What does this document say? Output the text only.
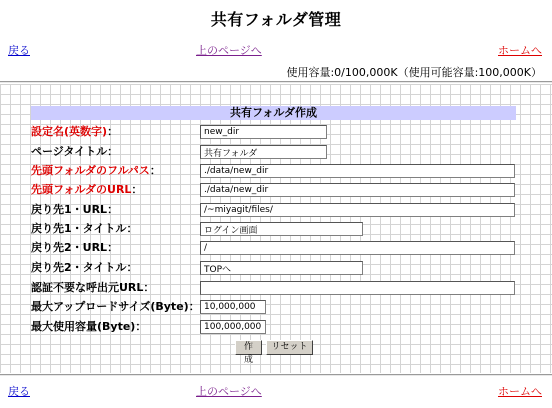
共有フォルダ管理
戻る	上のページへ	ホームへ
使用容量:0/100,000K（使用可能容量:100,000K）
共有フォルダ作成
設定名(英数字)：
new_dir
ページタイトル：
共有フォルダ
先頭フォルダのフルパス：
./data/new_dir
先頭フォルダのURL：
./data/new_dir
戻り先1・URL：
/~miyagit/files/
戻り先1・タイトル：
ログイン画面
戻り先2・URL：
/
戻り先2・タイトル：
TOPへ
認証不要な呼出元URL：
最大アップロードサイズ(Byte)：
10,000,000
最大使用容量(Byte)：
100,000,000
作成
リセット
戻る	上のページへ	ホームへ
